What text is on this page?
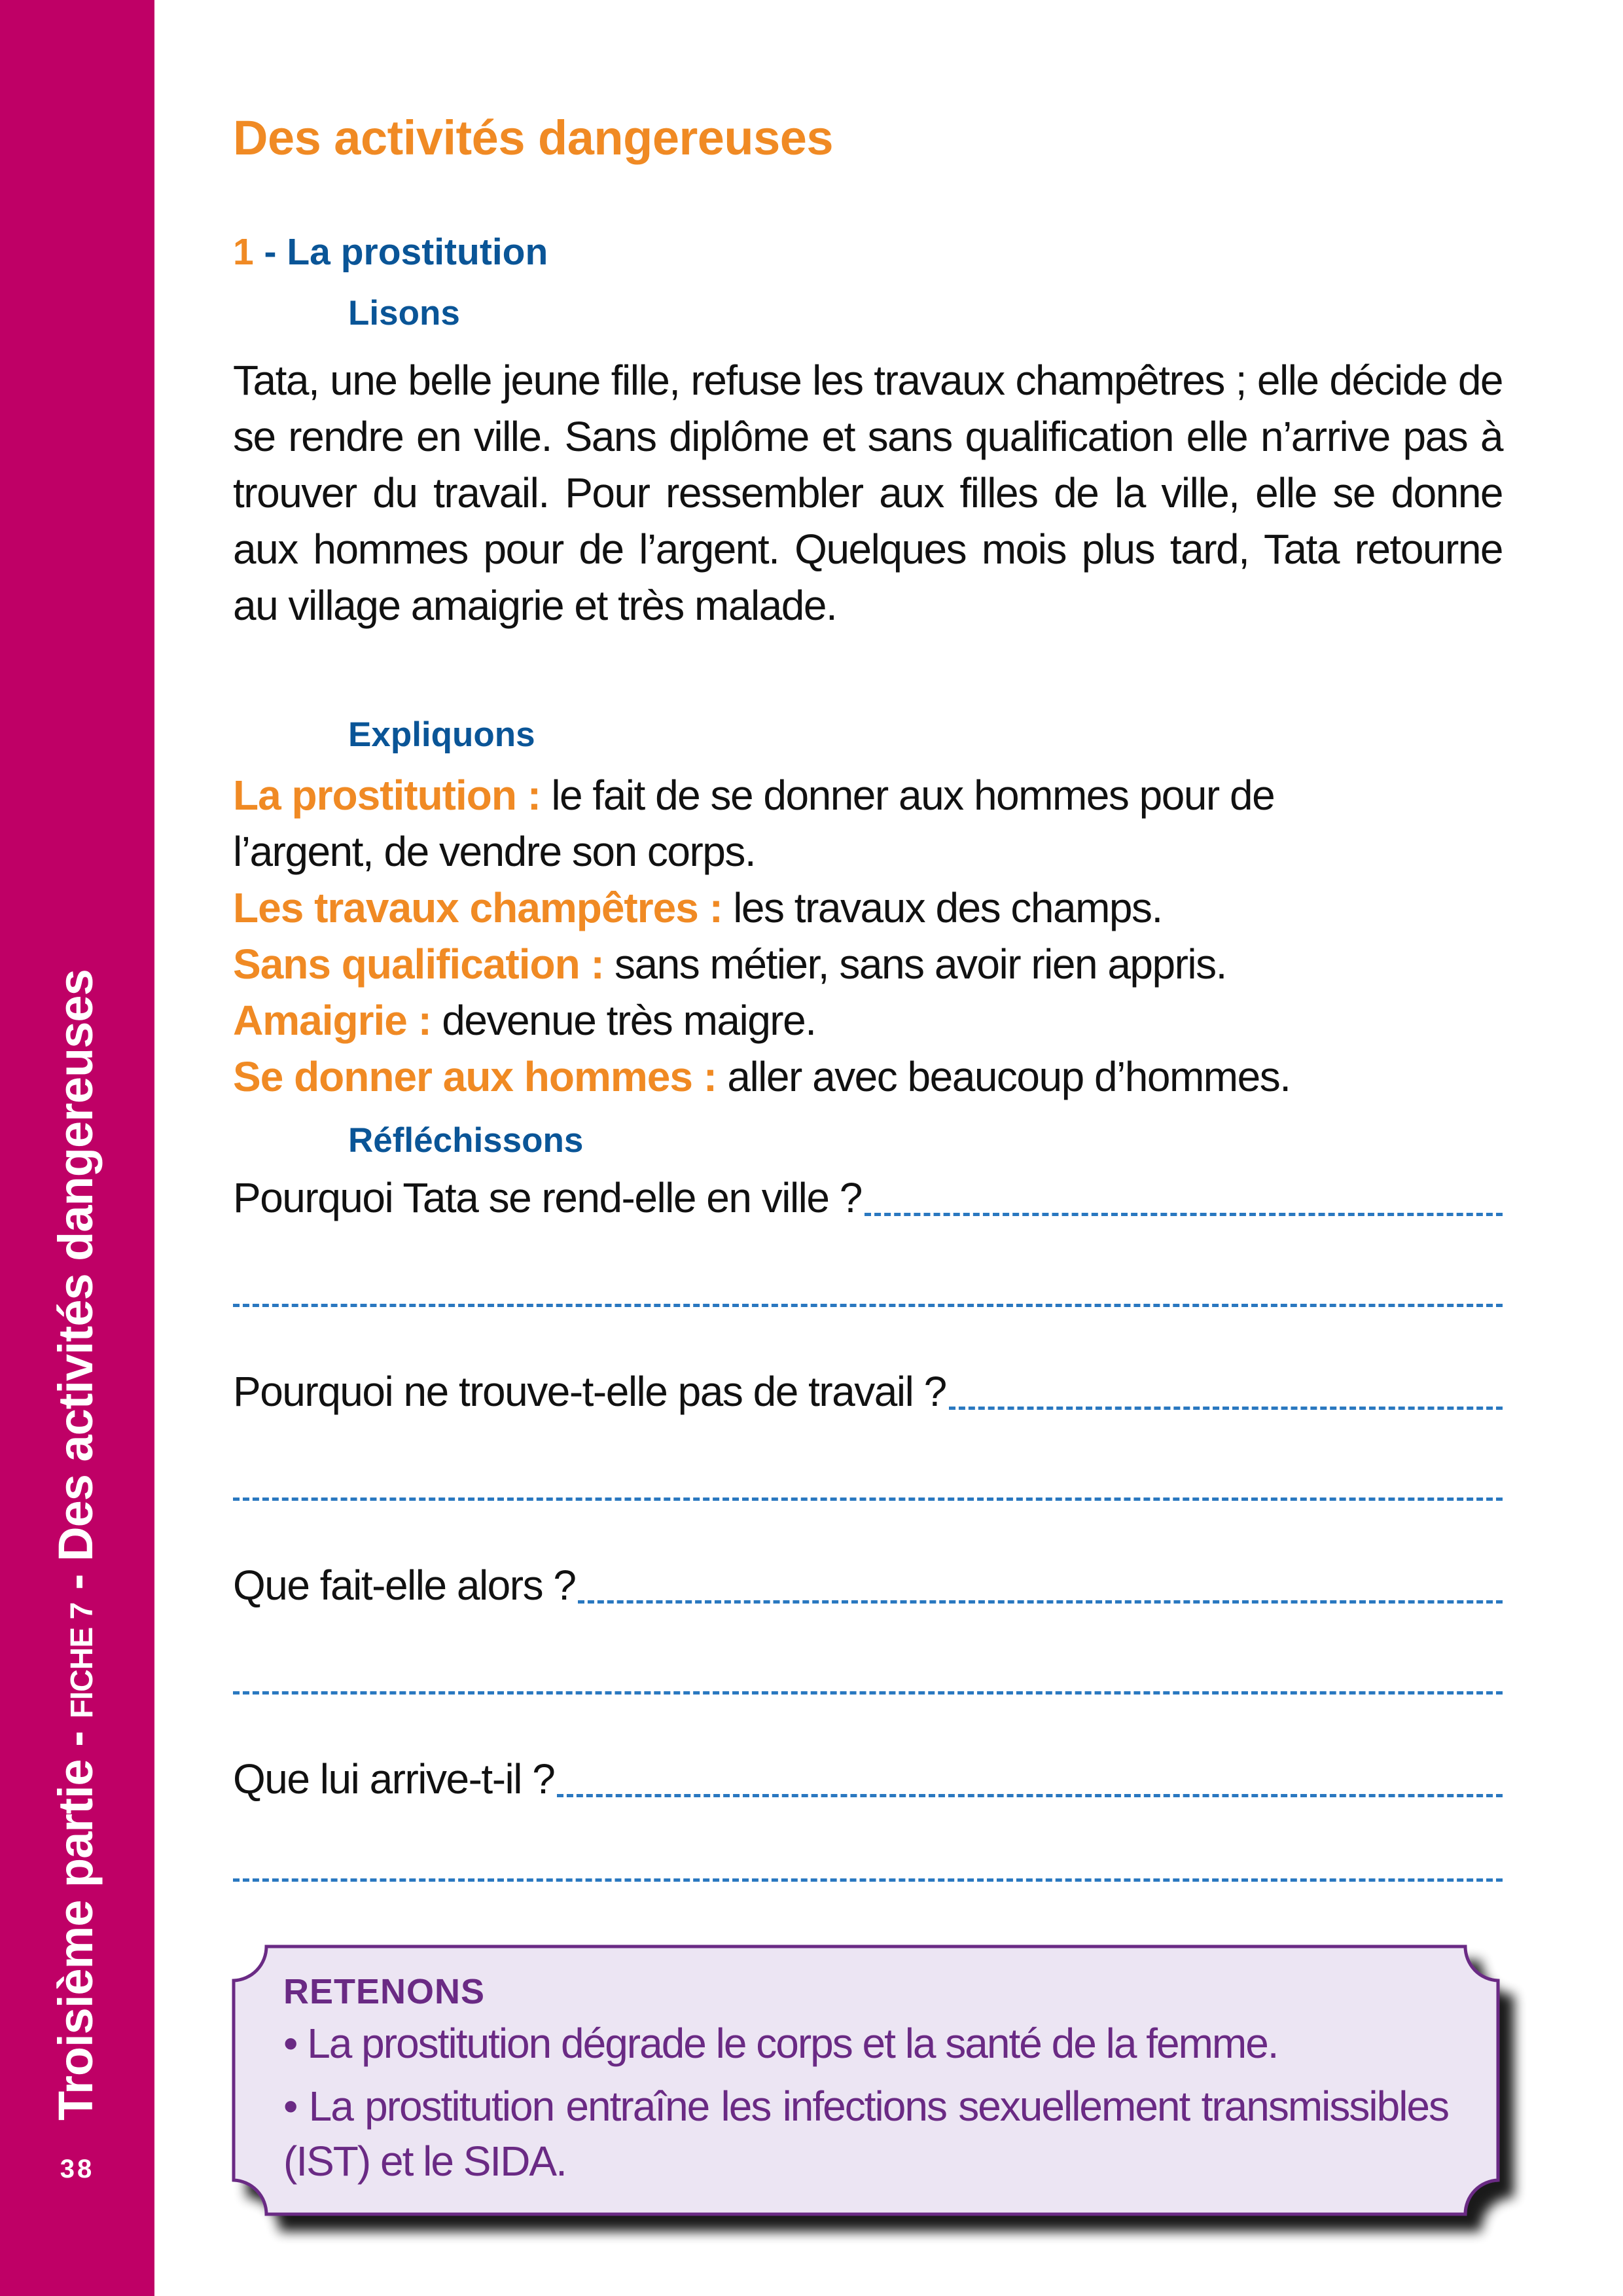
Troisième partie - FICHE 7 - Des activités dangereuses
38
Des activités dangereuses
1 - La prostitution
Lisons
Tata, une belle jeune fille, refuse les travaux champêtres ; elle décide de se rendre en ville. Sans diplôme et sans qualification elle n’arrive pas à trouver du travail. Pour ressembler aux filles de la ville, elle se donne aux hommes pour de l’argent. Quelques mois plus tard, Tata retourne au village amaigrie et très malade.
Expliquons
La prostitution : le fait de se donner aux hommes pour de
l’argent, de vendre son corps.
Les travaux champêtres : les travaux des champs.
Sans qualification : sans métier, sans avoir rien appris.
Amaigrie : devenue très maigre.
Se donner aux hommes : aller avec beaucoup d’hommes.
Réfléchissons
Pourquoi Tata se rend-elle en ville ?
Pourquoi ne trouve-t-elle pas de travail ?
Que fait-elle alors ?
Que lui arrive-t-il ?
RETENONS
• La prostitution dégrade le corps et la santé de la femme.
• La prostitution entraîne les infections sexuellement transmissibles (IST) et le SIDA.
